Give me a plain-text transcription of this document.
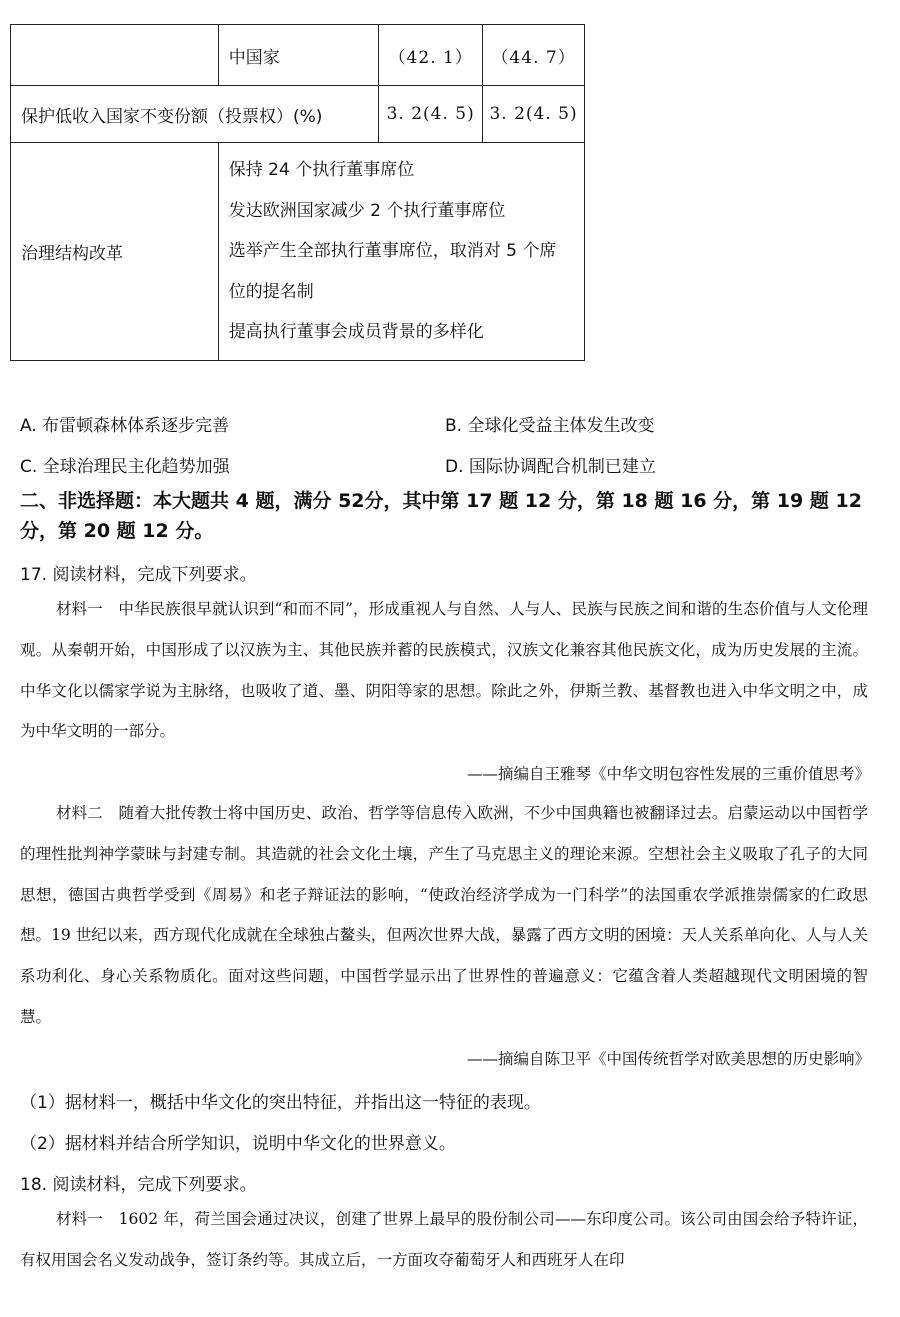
	中国家	（42. 1）	（44. 7）
保护低收入国家不变份额（投票权）(%)		3. 2(4. 5)	3. 2(4. 5)
治理结构改革	保持 24 个执行董事席位
发达欧洲国家减少 2 个执行董事席位
选举产生全部执行董事席位，取消对 5 个席
位的提名制
提高执行董事会成员背景的多样化		
A. 布雷顿森林体系逐步完善	B. 全球化受益主体发生改变
C. 全球治理民主化趋势加强	D. 国际协调配合机制已建立
二、非选择题：本大题共 4 题，满分 52分，其中第 17 题 12 分，第 18 题 16 分，第 19 题 12 分，第 20 题 12 分。
17. 阅读材料，完成下列要求。
材料一　中华民族很早就认识到“和而不同”，形成重视人与自然、人与人、民族与民族之间和谐的生态价值与人文伦理观。从秦朝开始，中国形成了以汉族为主、其他民族并蓄的民族模式，汉族文化兼容其他民族文化，成为历史发展的主流。中华文化以儒家学说为主脉络，也吸收了道、墨、阴阳等家的思想。除此之外，伊斯兰教、基督教也进入中华文明之中，成为中华文明的一部分。
——摘编自王雅琴《中华文明包容性发展的三重价值思考》
材料二　随着大批传教士将中国历史、政治、哲学等信息传入欧洲，不少中国典籍也被翻译过去。启蒙运动以中国哲学的理性批判神学蒙昧与封建专制。其造就的社会文化土壤，产生了马克思主义的理论来源。空想社会主义吸取了孔子的大同思想，德国古典哲学受到《周易》和老子辩证法的影响，“使政治经济学成为一门科学”的法国重农学派推崇儒家的仁政思想。19 世纪以来，西方现代化成就在全球独占鳌头，但两次世界大战，暴露了西方文明的困境：天人关系单向化、人与人关系功利化、身心关系物质化。面对这些问题，中国哲学显示出了世界性的普遍意义：它蕴含着人类超越现代文明困境的智慧。
——摘编自陈卫平《中国传统哲学对欧美思想的历史影响》
（1）据材料一，概括中华文化的突出特征，并指出这一特征的表现。
（2）据材料并结合所学知识，说明中华文化的世界意义。
18. 阅读材料，完成下列要求。
材料一　1602 年，荷兰国会通过决议，创建了世界上最早的股份制公司——东印度公司。该公司由国会给予特许证，有权用国会名义发动战争，签订条约等。其成立后，一方面攻夺葡萄牙人和西班牙人在印
